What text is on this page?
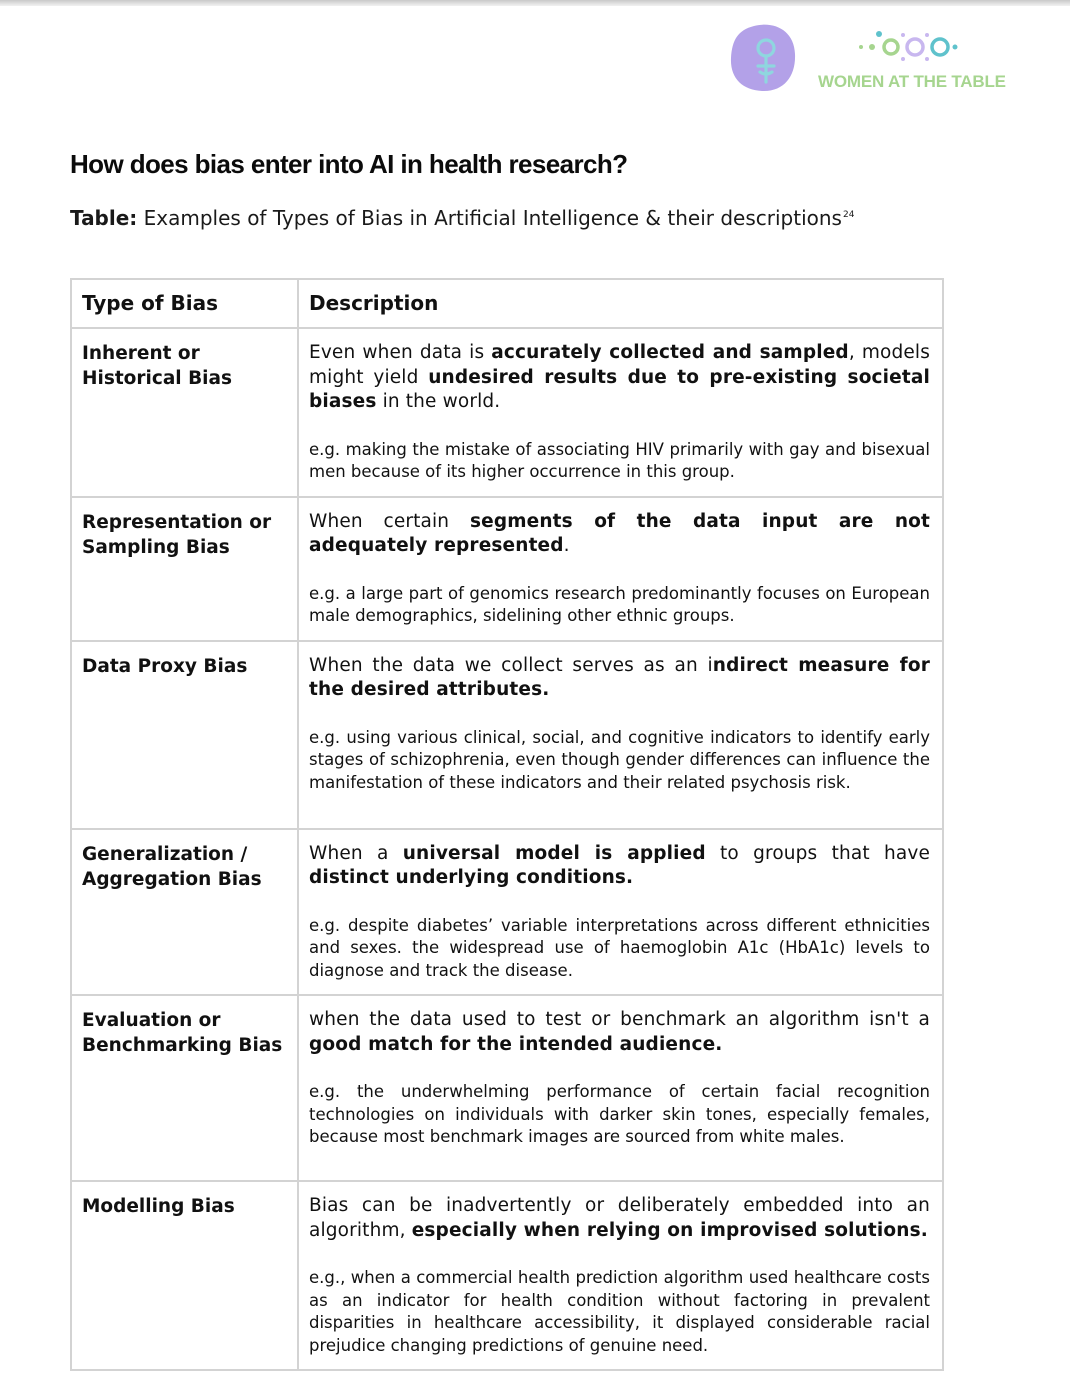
WOMEN AT THE TABLE
How does bias enter into AI in health research?
Table: Examples of Types of Bias in Artificial Intelligence & their descriptions$^{24}$
Type of Bias	Description
Inherent or Historical Bias	Even when data is accurately collected and sampled, models might yield undesired results due to pre-existing societal biases in the world.
e.g. making the mistake of associating HIV primarily with gay and bisexual men because of its higher occurrence in this group.

Representation or Sampling Bias	When certain segments of the data input are not adequately represented.
e.g. a large part of genomics research predominantly focuses on European male demographics, sidelining other ethnic groups.

Data Proxy Bias	When the data we collect serves as an indirect measure for the desired attributes.
e.g. using various clinical, social, and cognitive indicators to identify early stages of schizophrenia, even though gender differences can influence the manifestation of these indicators and their related psychosis risk.

Generalization / Aggregation Bias	When a universal model is applied to groups that have distinct underlying conditions.
e.g. despite diabetes’ variable interpretations across different ethnicities and sexes. the widespread use of haemoglobin A1c (HbA1c) levels to diagnose and track the disease.

Evaluation or Benchmarking Bias	when the data used to test or benchmark an algorithm isn't a good match for the intended audience.
e.g. the underwhelming performance of certain facial recognition technologies on individuals with darker skin tones, especially females, because most benchmark images are sourced from white males.

Modelling Bias	Bias can be inadvertently or deliberately embedded into an algorithm, especially when relying on improvised solutions.
e.g., when a commercial health prediction algorithm used healthcare costs as an indicator for health condition without factoring in prevalent disparities in healthcare accessibility, it displayed considerable racial prejudice changing predictions of genuine need.
